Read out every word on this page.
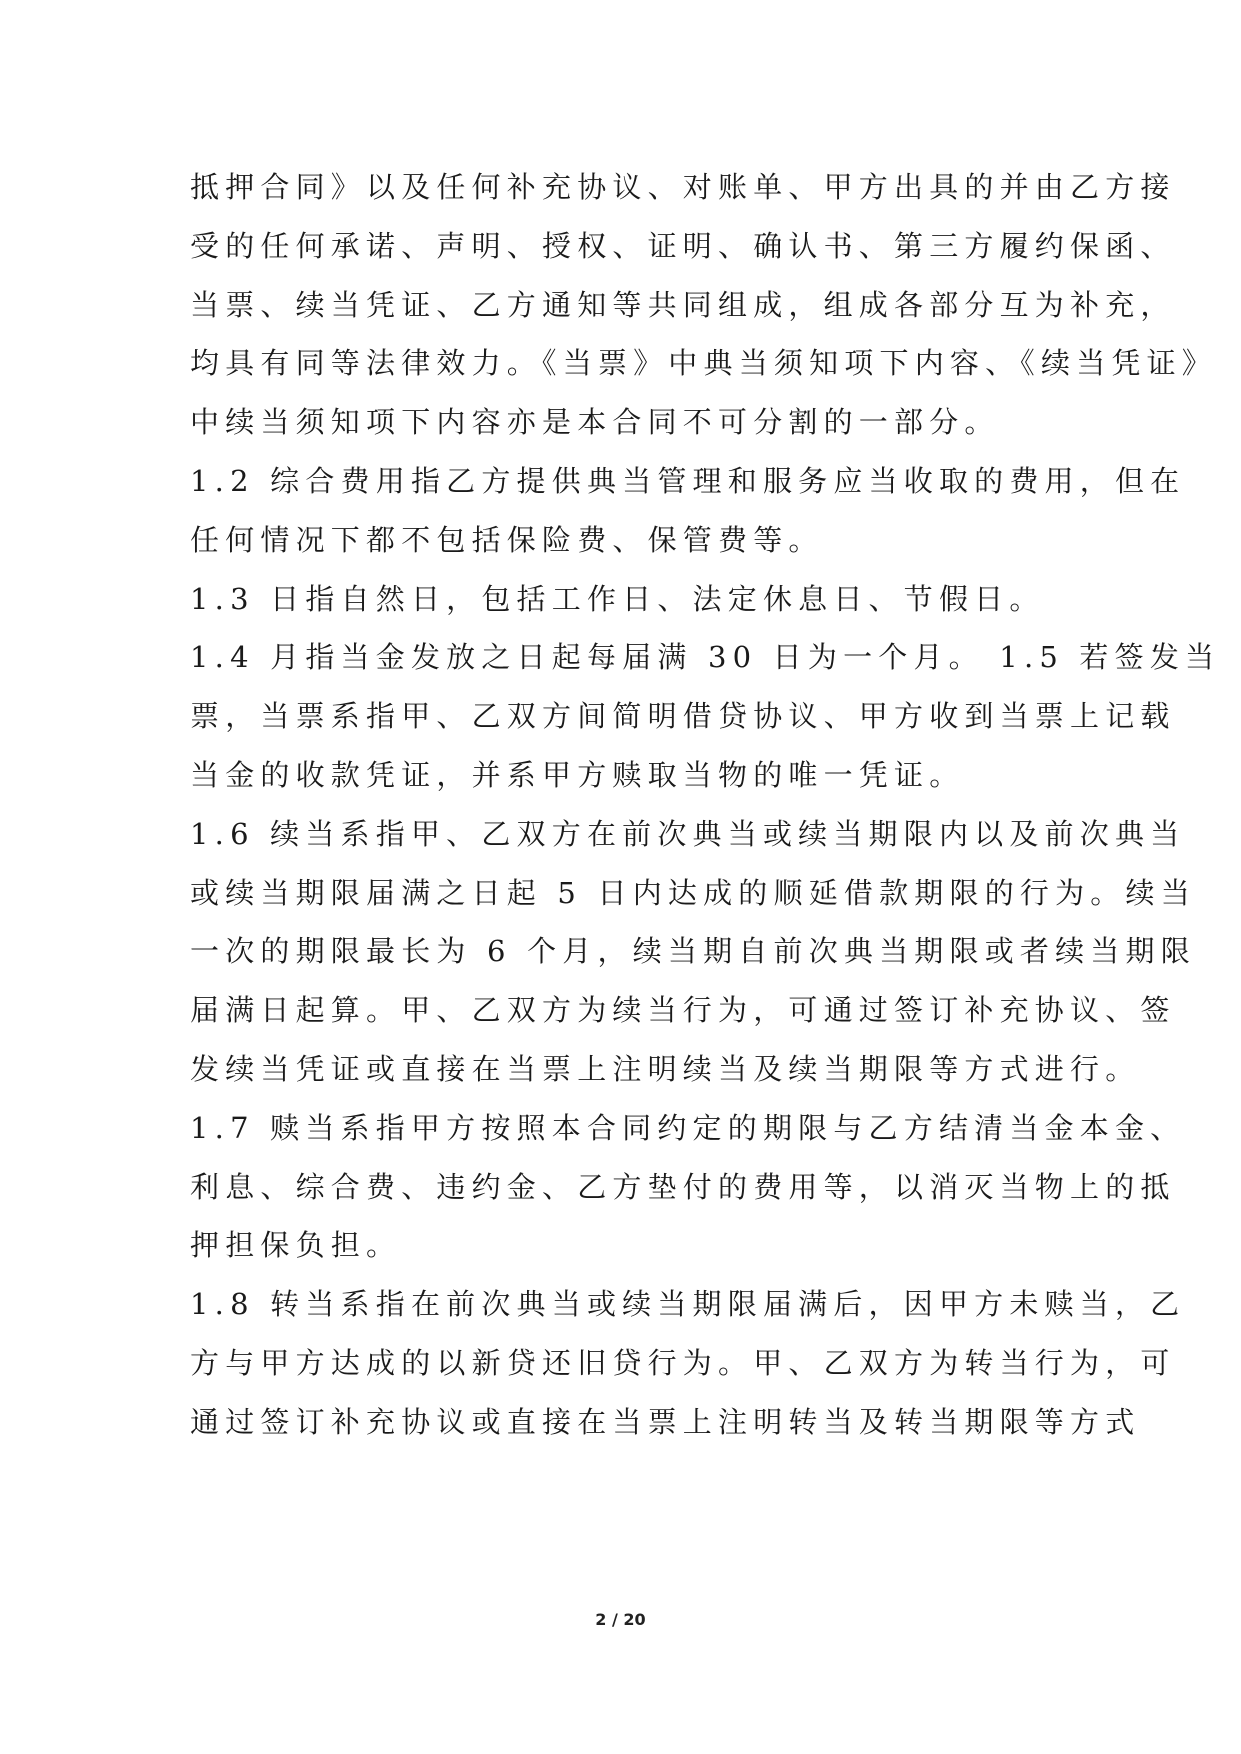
抵押合同》以及任何补充协议、对账单、甲方出具的并由乙方接
受的任何承诺、声明、授权、证明、确认书、第三方履约保函、
当票、续当凭证、乙方通知等共同组成，组成各部分互为补充，
均具有同等法律效力。《当票》中典当须知项下内容、《续当凭证》
中续当须知项下内容亦是本合同不可分割的一部分。
1.2 综合费用指乙方提供典当管理和服务应当收取的费用，但在
任何情况下都不包括保险费、保管费等。
1.3 日指自然日，包括工作日、法定休息日、节假日。
1.4 月指当金发放之日起每届满 30 日为一个月。 1.5 若签发当
票，当票系指甲、乙双方间简明借贷协议、甲方收到当票上记载
当金的收款凭证，并系甲方赎取当物的唯一凭证。
1.6 续当系指甲、乙双方在前次典当或续当期限内以及前次典当
或续当期限届满之日起 5 日内达成的顺延借款期限的行为。续当
一次的期限最长为 6 个月，续当期自前次典当期限或者续当期限
届满日起算。甲、乙双方为续当行为，可通过签订补充协议、签
发续当凭证或直接在当票上注明续当及续当期限等方式进行。
1.7 赎当系指甲方按照本合同约定的期限与乙方结清当金本金、
利息、综合费、违约金、乙方垫付的费用等，以消灭当物上的抵
押担保负担。
1.8 转当系指在前次典当或续当期限届满后，因甲方未赎当，乙
方与甲方达成的以新贷还旧贷行为。甲、乙双方为转当行为，可
通过签订补充协议或直接在当票上注明转当及转当期限等方式
2 / 20
